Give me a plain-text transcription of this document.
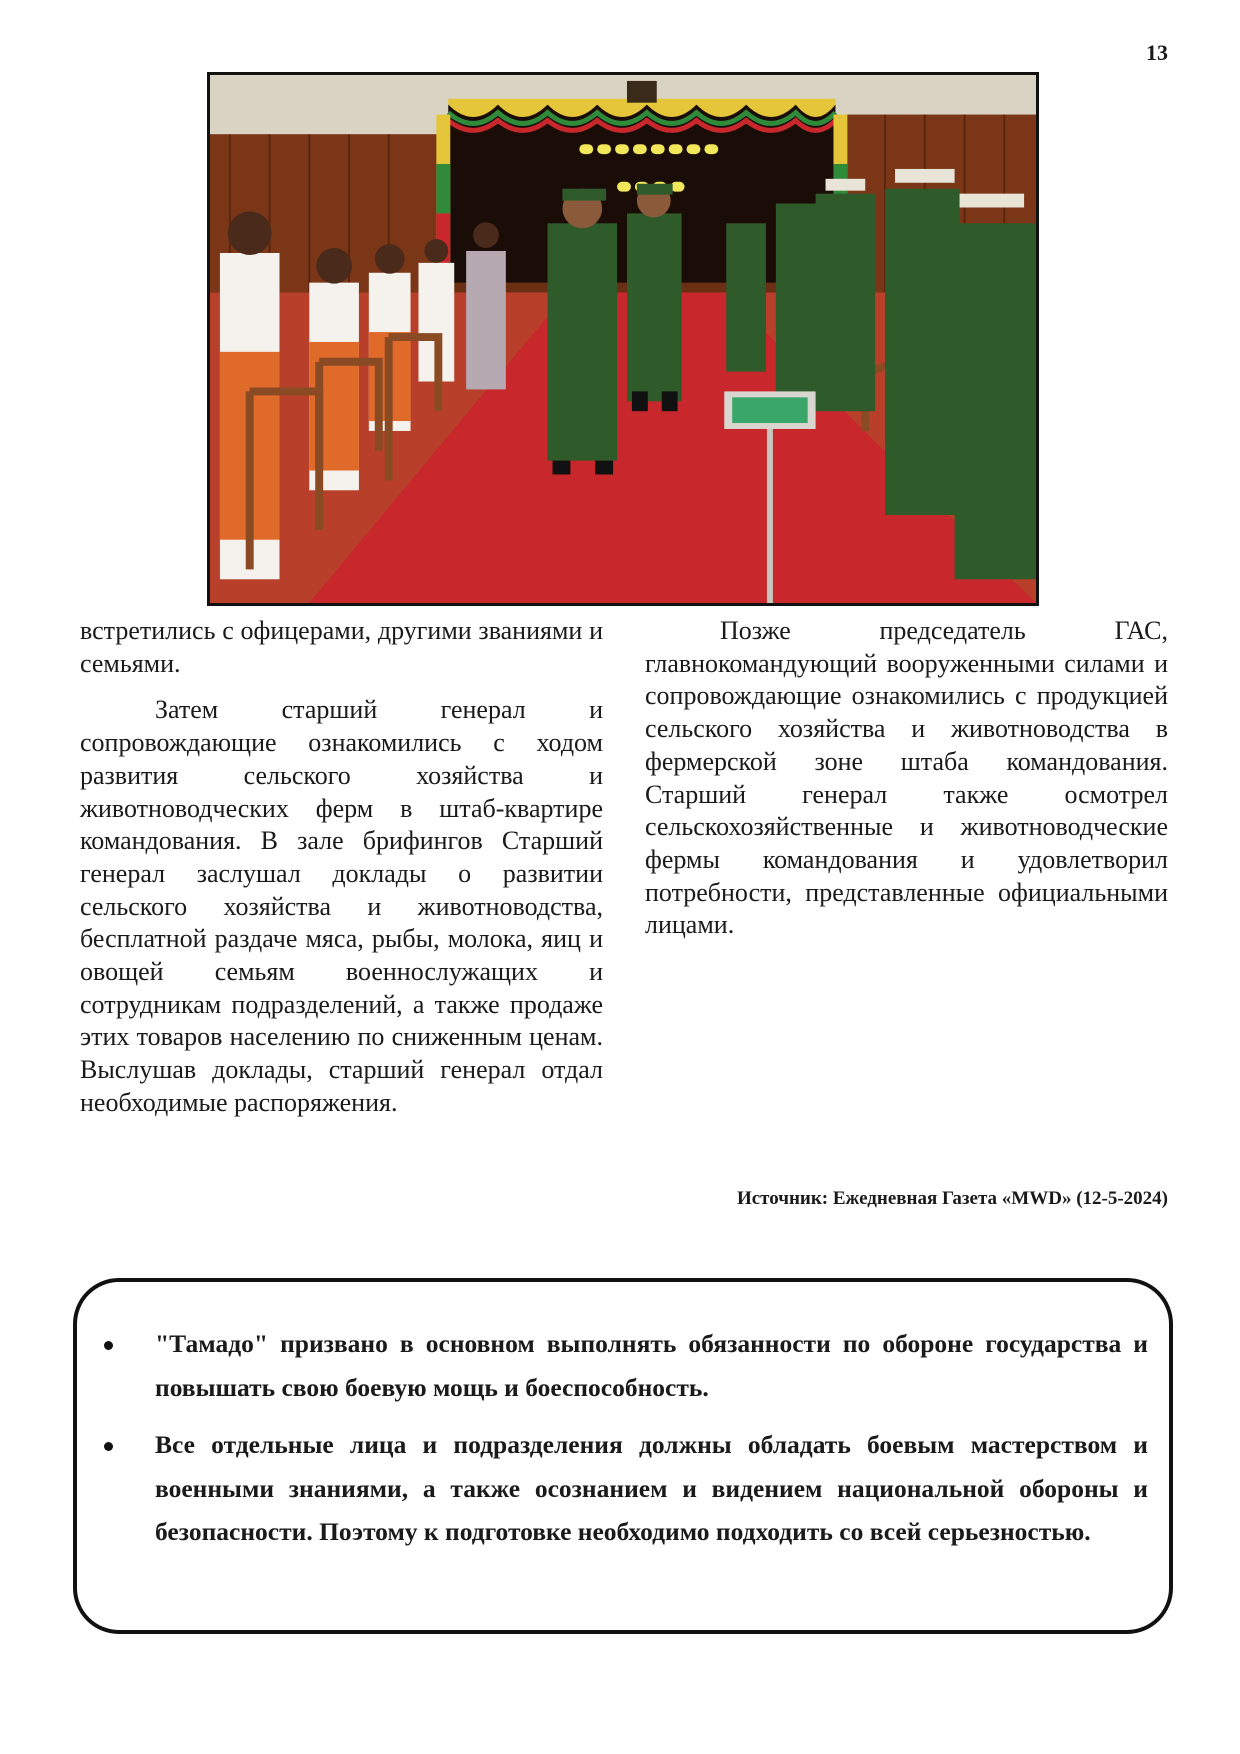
13

встретились с офицерами, другими званиями и семьями.

Затем старший генерал и сопровождающие ознакомились с ходом развития сельского хозяйства и животноводческих ферм в штаб-квартире командования. В зале брифингов Старший генерал заслушал доклады о развитии сельского хозяйства и животноводства, бесплатной раздаче мяса, рыбы, молока, яиц и овощей семьям военнослужащих и сотрудникам подразделений, а также продаже этих товаров населению по сниженным ценам. Выслушав доклады, старший генерал отдал необходимые распоряжения.

Позже председатель ГАС, главнокомандующий вооруженными силами и сопровождающие ознакомились с продукцией сельского хозяйства и животноводства в фермерской зоне штаба командования. Старший генерал также осмотрел сельскохозяйственные и животноводческие фермы командования и удовлетворил потребности, представленные официальными лицами.

Источник: Ежедневная Газета «MWD» (12-5-2024)
"Тамадо" призвано в основном выполнять обязанности по обороне государства и повышать свою боевую мощь и боеспособность.
Все отдельные лица и подразделения должны обладать боевым мастерством и военными знаниями, а также осознанием и видением национальной обороны и безопасности. Поэтому к подготовке необходимо подходить со всей серьезностью.
